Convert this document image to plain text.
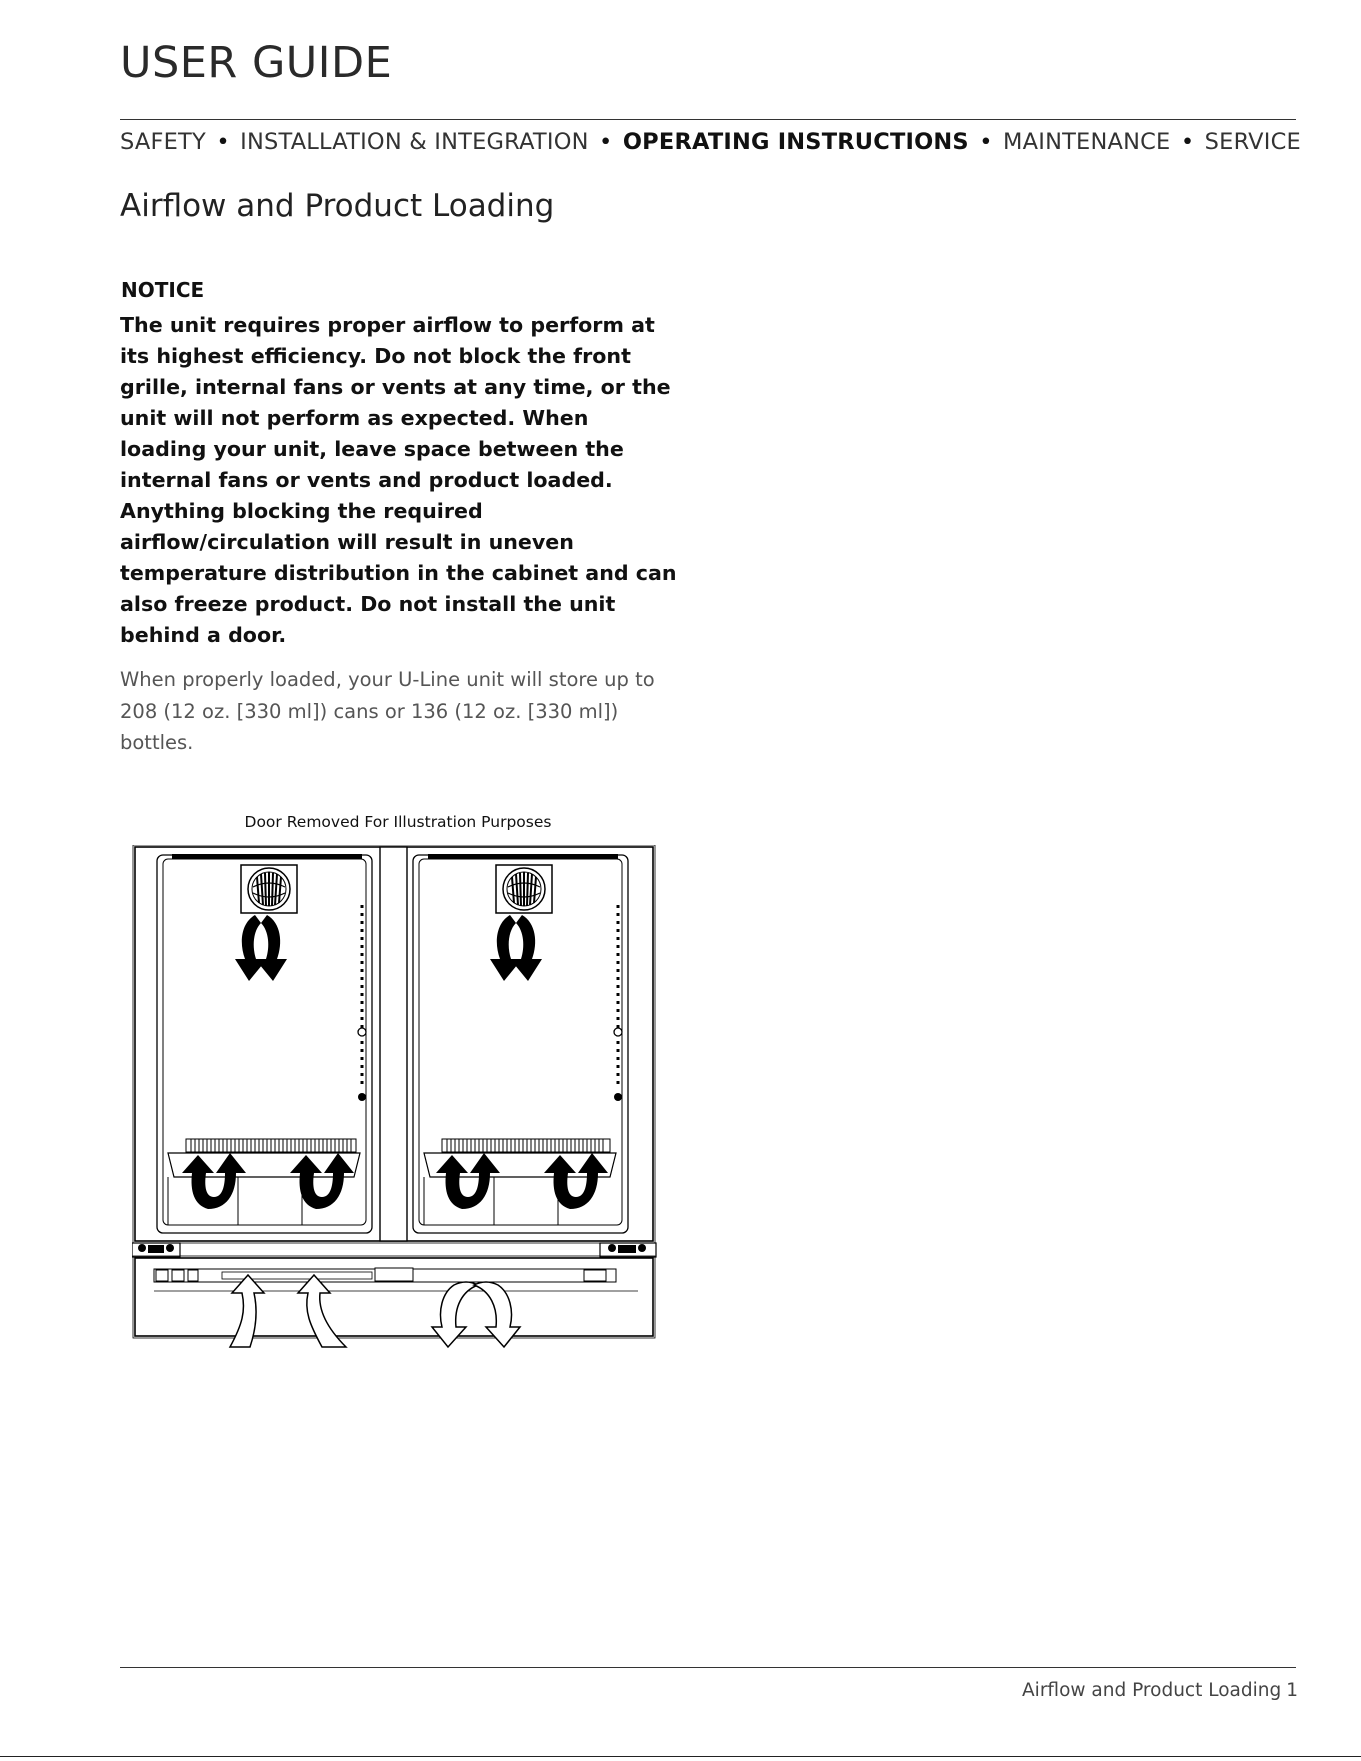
USER GUIDE
SAFETY • INSTALLATION & INTEGRATION • OPERATING INSTRUCTIONS • MAINTENANCE • SERVICE
Airflow and Product Loading
NOTICE
The unit requires proper airflow to perform at its highest efficiency. Do not block the front grille, internal fans or vents at any time, or the unit will not perform as expected. When loading your unit, leave space between the internal fans or vents and product loaded. Anything blocking the required airflow/circulation will result in uneven temperature distribution in the cabinet and can also freeze product. Do not install the unit behind a door.
When properly loaded, your U-Line unit will store up to 208 (12 oz. [330 ml]) cans or 136 (12 oz. [330 ml]) bottles.
Door Removed For Illustration Purposes
Airflow and Product Loading 1
